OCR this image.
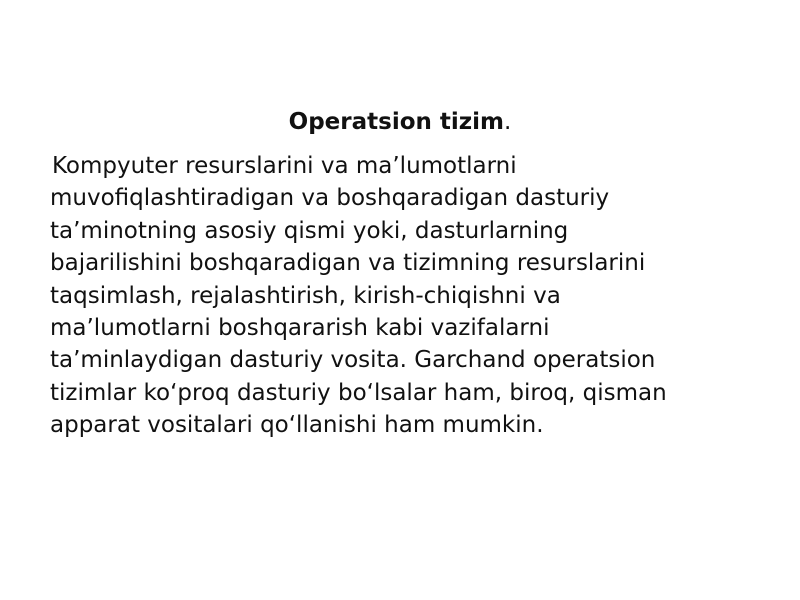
Operatsion tizim.
Kompyuter resurslarini va ma’lumotlarni
muvofiqlashtiradigan va boshqaradigan dasturiy
ta’minotning asosiy qismi yoki, dasturlarning
bajarilishini boshqaradigan va tizimning resurslarini
taqsimlash, rejalashtirish, kirish-chiqishni va
ma’lumotlarni boshqararish kabi vazifalarni
ta’minlaydigan dasturiy vosita. Garchand operatsion
tizimlar ko‘proq dasturiy bo‘lsalar ham, biroq, qisman
apparat vositalari qo‘llanishi ham mumkin.
